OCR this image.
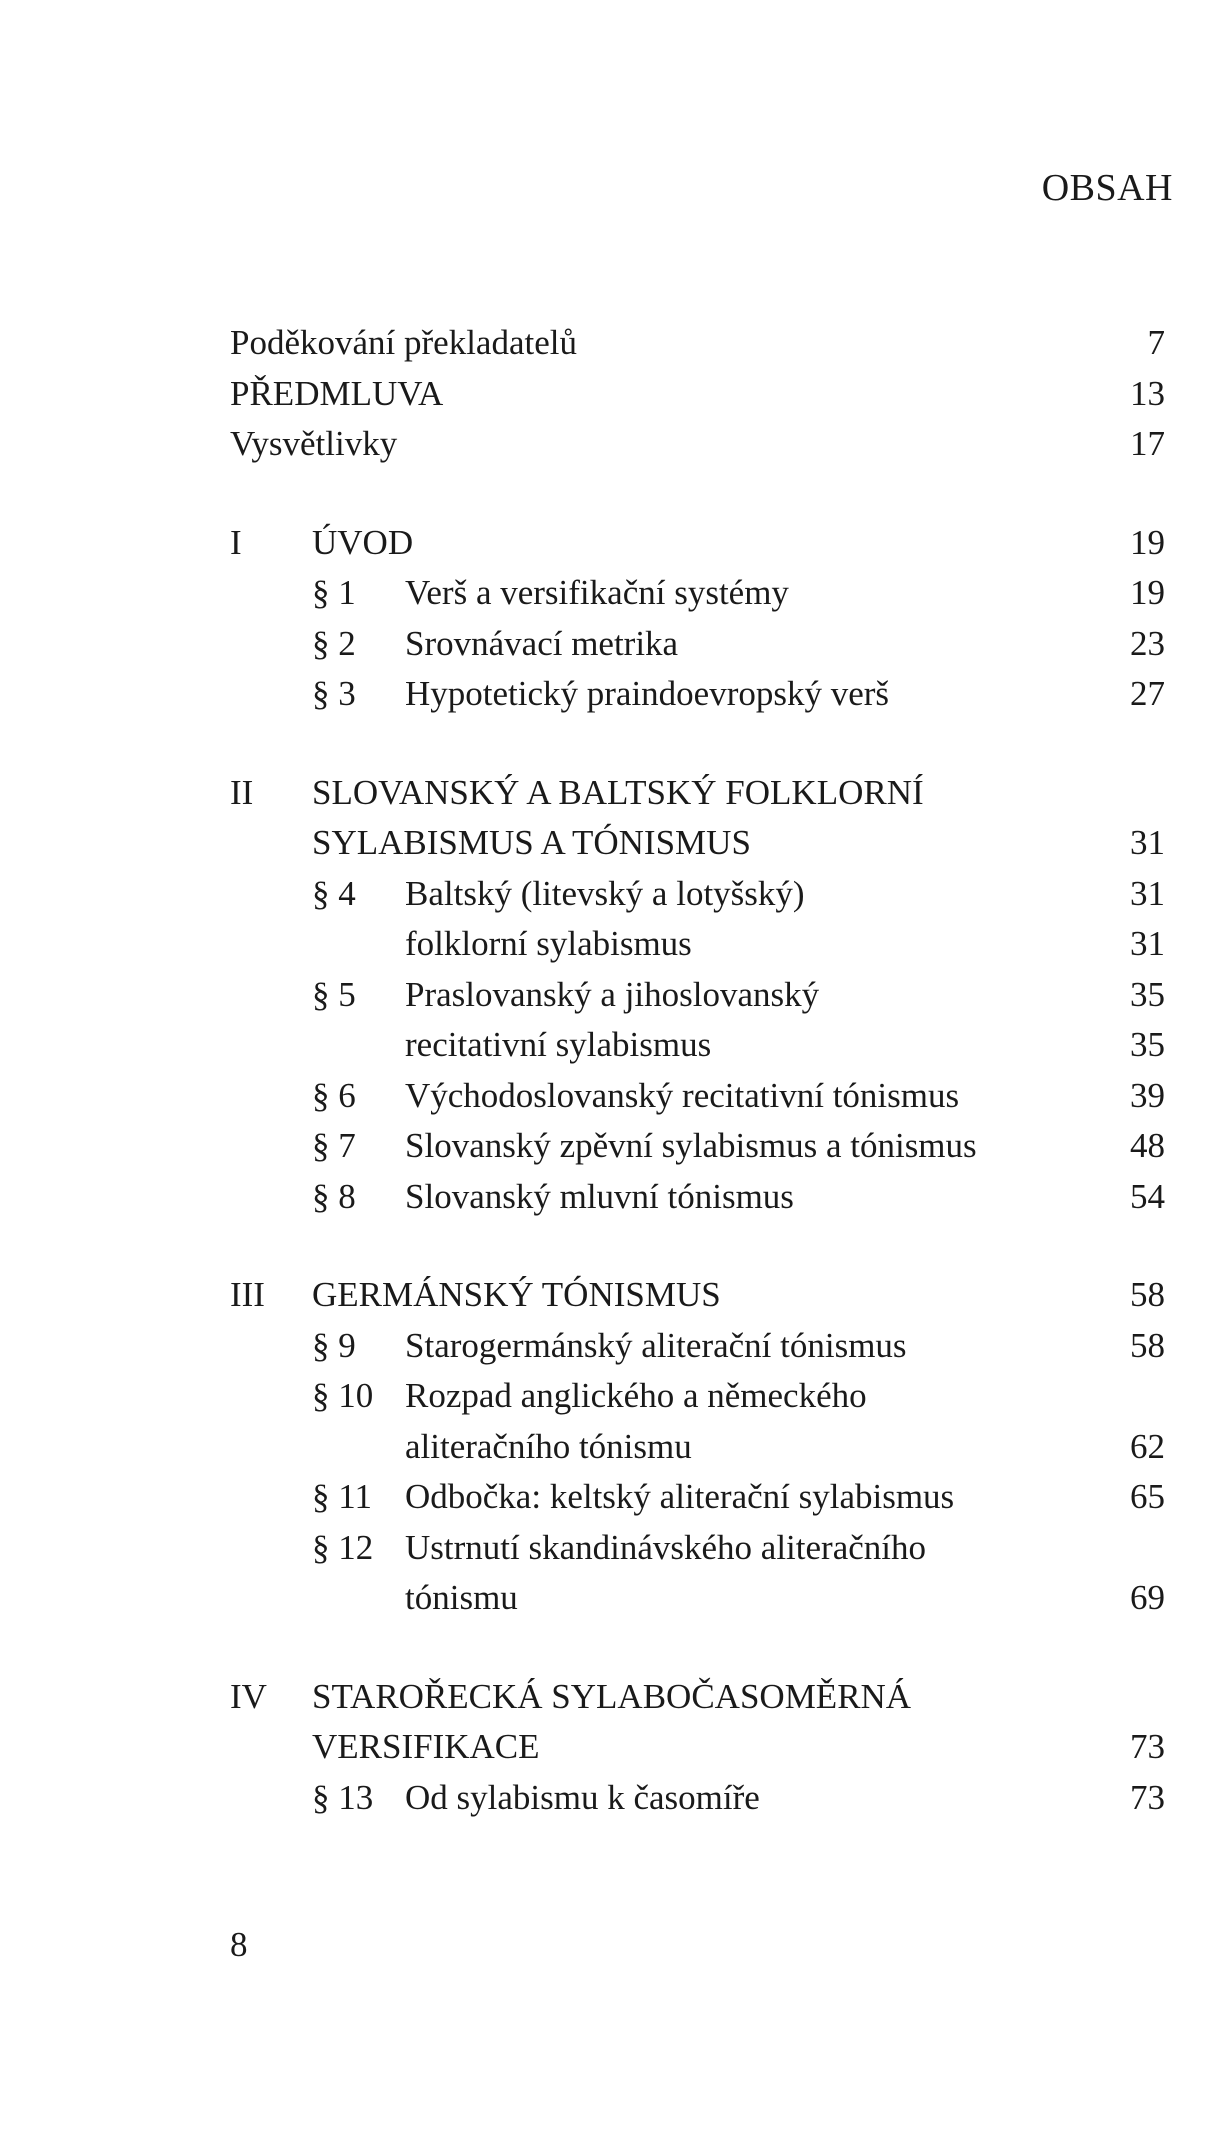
OBSAH
Poděkování překladatelů	7
PŘEDMLUVA	13
Vysvětlivky	17
I ÚVOD	19
§ 1 Verš a versifikační systémy	19
§ 2 Srovnávací metrika	23
§ 3 Hypotetický praindoevropský verš	27
II SLOVANSKÝ A BALTSKÝ FOLKLORNÍ
SYLABISMUS A TÓNISMUS	31
§ 4 Baltský (litevský a lotyšský)	31
folklorní sylabismus	31
§ 5 Praslovanský a jihoslovanský	35
recitativní sylabismus	35
§ 6 Východoslovanský recitativní tónismus	39
§ 7 Slovanský zpěvní sylabismus a tónismus	48
§ 8 Slovanský mluvní tónismus	54
III GERMÁNSKÝ TÓNISMUS	58
§ 9 Starogermánský aliterační tónismus	58
§ 10 Rozpad anglického a německého
aliteračního tónismu	62
§ 11 Odbočka: keltský aliterační sylabismus	65
§ 12 Ustrnutí skandinávského aliteračního
tónismu	69
IV STAROŘECKÁ SYLABOČASOMĚRNÁ
VERSIFIKACE	73
§ 13 Od sylabismu k časomíře	73
8
